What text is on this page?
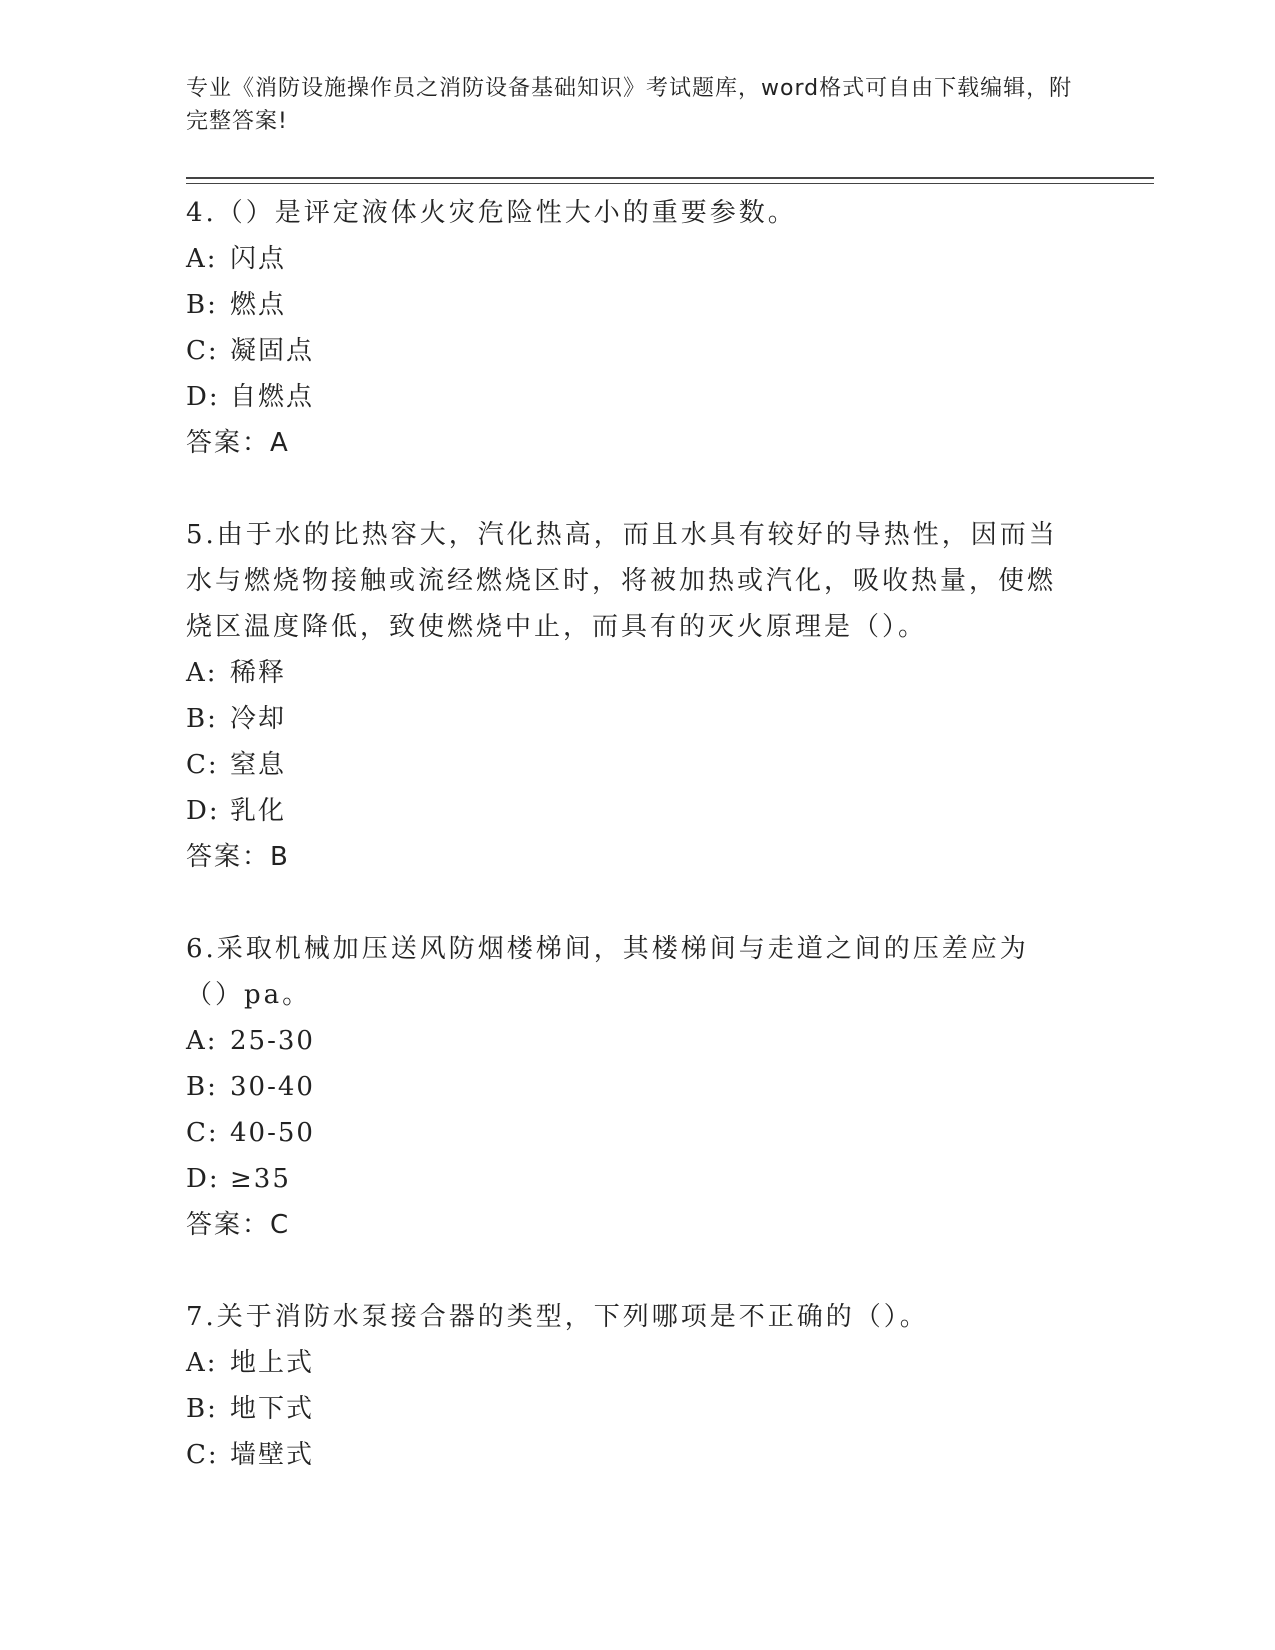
专业《消防设施操作员之消防设备基础知识》考试题库，word格式可自由下载编辑，附完整答案!

4.（）是评定液体火灾危险性大小的重要参数。

A: 闪点

B: 燃点

C: 凝固点

D: 自燃点

答案：A

5.由于水的比热容大，汽化热高，而且水具有较好的导热性，因而当水与燃烧物接触或流经燃烧区时，将被加热或汽化，吸收热量，使燃烧区温度降低，致使燃烧中止，而具有的灭火原理是（）。

A: 稀释

B: 冷却

C: 窒息

D: 乳化

答案：B

6.采取机械加压送风防烟楼梯间，其楼梯间与走道之间的压差应为（）pa。

A: 25-30

B: 30-40

C: 40-50

D: ≥35

答案：C

7.关于消防水泵接合器的类型，下列哪项是不正确的（）。

A: 地上式

B: 地下式

C: 墙壁式
